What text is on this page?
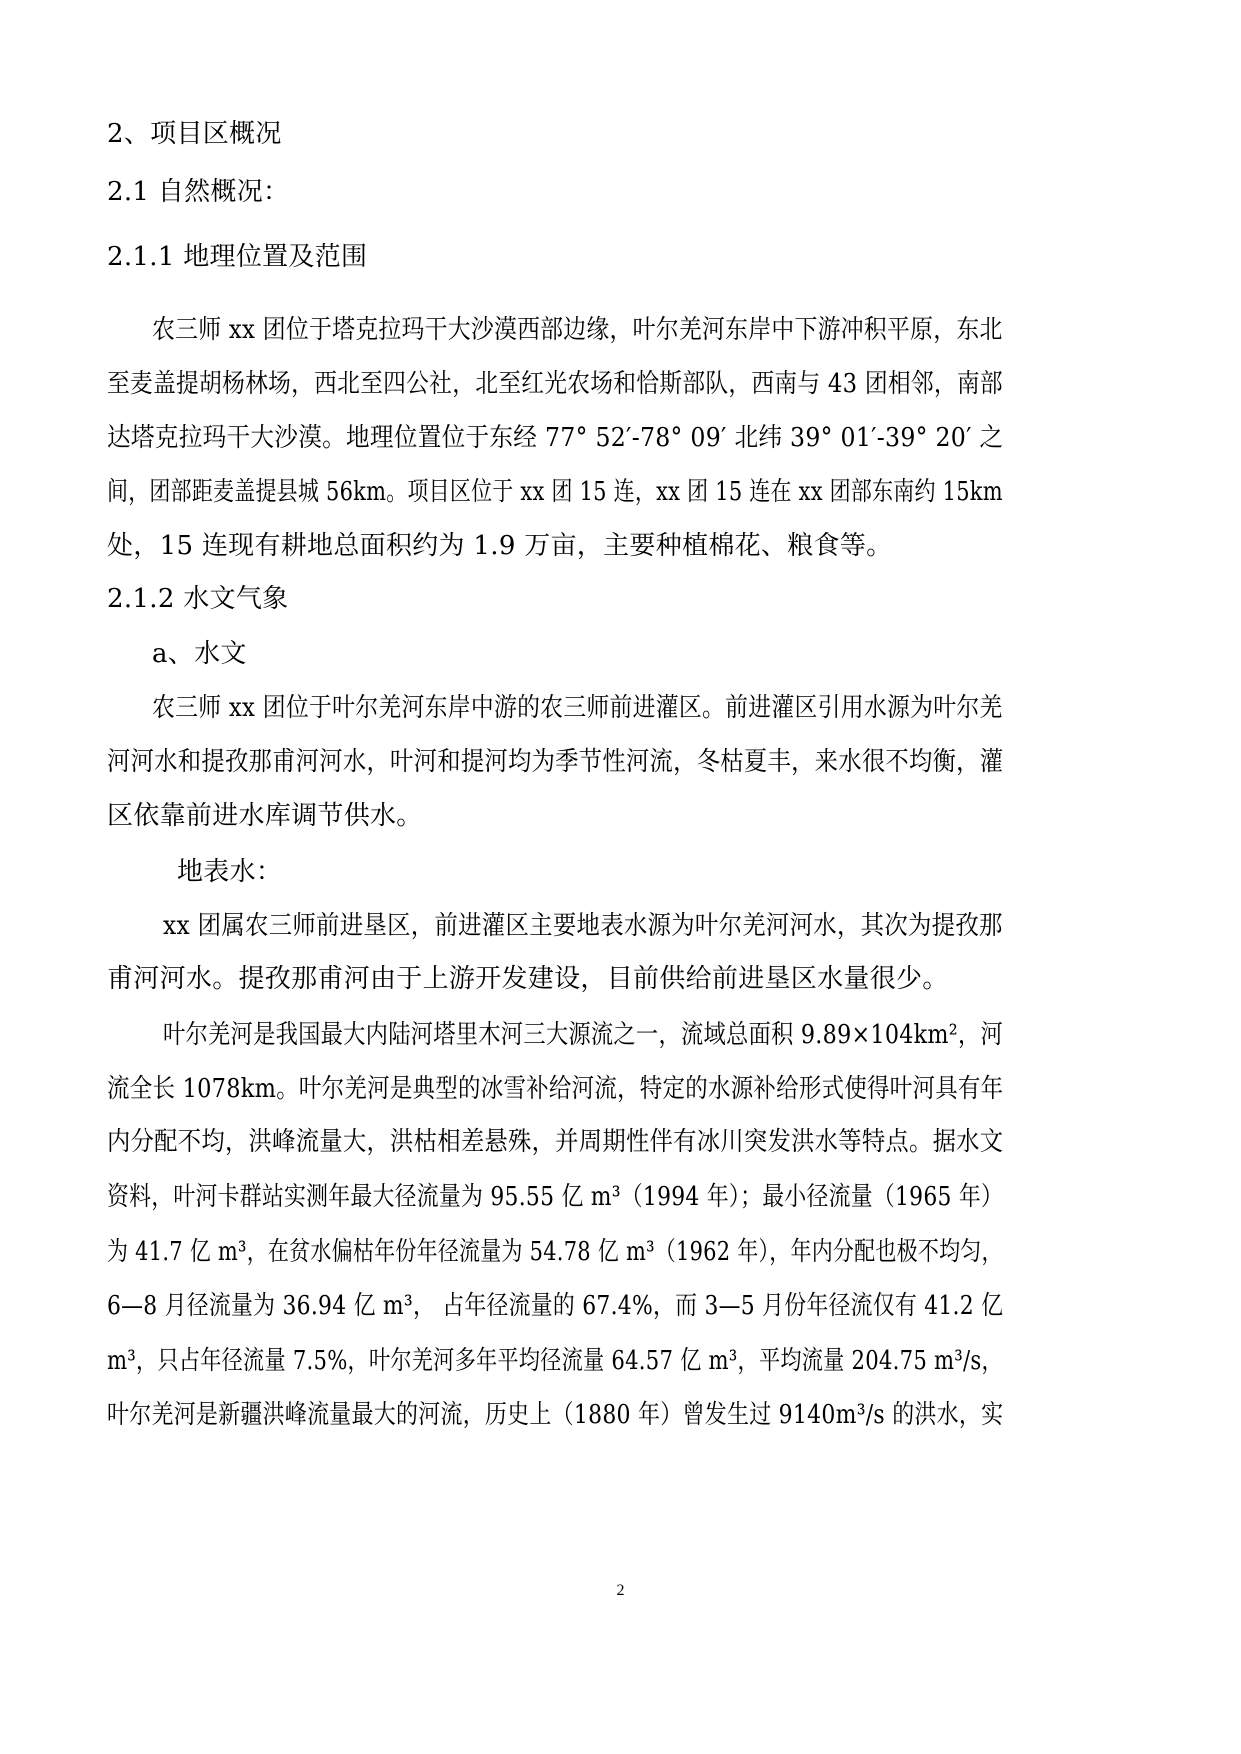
2、项目区概况
2.1 自然概况：
2.1.1 地理位置及范围
农三师 xx 团位于塔克拉玛干大沙漠西部边缘，叶尔羌河东岸中下游冲积平原，东北
至麦盖提胡杨林场，西北至四公社，北至红光农场和恰斯部队，西南与 43 团相邻，南部
达塔克拉玛干大沙漠。地理位置位于东经 77° 52′-78° 09′ 北纬 39° 01′-39° 20′ 之
间，团部距麦盖提县城 56km。项目区位于 xx 团 15 连，xx 团 15 连在 xx 团部东南约 15km
处，15 连现有耕地总面积约为 1.9 万亩，主要种植棉花、粮食等。
2.1.2 水文气象
a、水文
农三师 xx 团位于叶尔羌河东岸中游的农三师前进灌区。前进灌区引用水源为叶尔羌
河河水和提孜那甫河河水，叶河和提河均为季节性河流，冬枯夏丰，来水很不均衡，灌
区依靠前进水库调节供水。
地表水：
xx 团属农三师前进垦区，前进灌区主要地表水源为叶尔羌河河水，其次为提孜那
甫河河水。提孜那甫河由于上游开发建设，目前供给前进垦区水量很少。
叶尔羌河是我国最大内陆河塔里木河三大源流之一，流域总面积 9.89×104km²，河
流全长 1078km。叶尔羌河是典型的冰雪补给河流，特定的水源补给形式使得叶河具有年
内分配不均，洪峰流量大，洪枯相差悬殊，并周期性伴有冰川突发洪水等特点。据水文
资料，叶河卡群站实测年最大径流量为 95.55 亿 m³（1994 年）；最小径流量（1965 年）
为 41.7 亿 m³，在贫水偏枯年份年径流量为 54.78 亿 m³（1962 年），年内分配也极不均匀，
6—8 月径流量为 36.94 亿 m³， 占年径流量的 67.4%，而 3—5 月份年径流仅有 41.2 亿
m³，只占年径流量 7.5%，叶尔羌河多年平均径流量 64.57 亿 m³，平均流量 204.75 m³/s，
叶尔羌河是新疆洪峰流量最大的河流，历史上（1880 年）曾发生过 9140m³/s 的洪水，实
2
